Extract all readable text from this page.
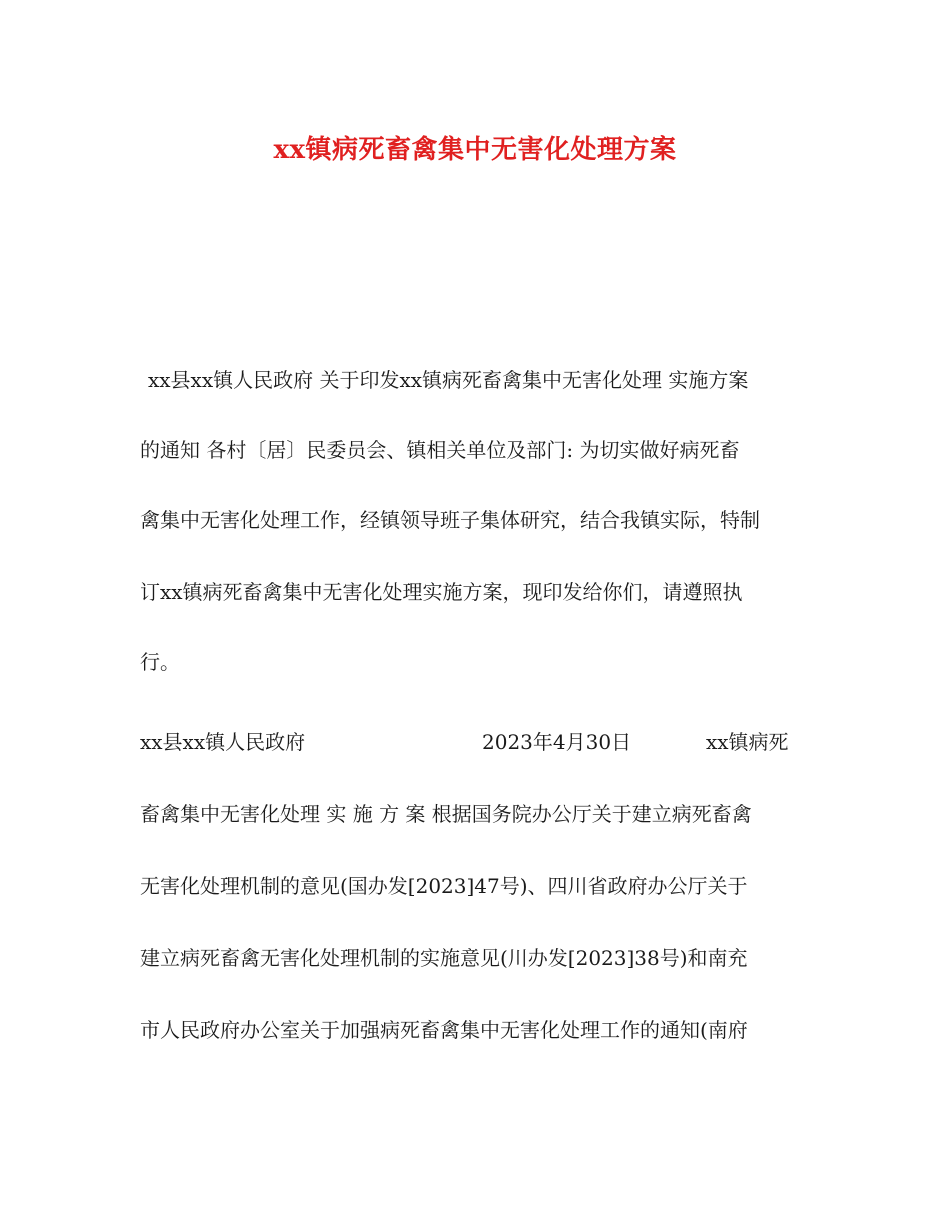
xx镇病死畜禽集中无害化处理方案

xx县xx镇人民政府 关于印发xx镇病死畜禽集中无害化处理 实施方案

的通知 各村〔居〕民委员会、镇相关单位及部门: 为切实做好病死畜

禽集中无害化处理工作，经镇领导班子集体研究，结合我镇实际，特制

订xx镇病死畜禽集中无害化处理实施方案，现印发给你们，请遵照执

行。

xx县xx镇人民政府	2023年4月30日	xx镇病死

畜禽集中无害化处理 实 施 方 案 根据国务院办公厅关于建立病死畜禽

无害化处理机制的意见(国办发[2023]47号)、四川省政府办公厅关于

建立病死畜禽无害化处理机制的实施意见(川办发[2023]38号)和南充

市人民政府办公室关于加强病死畜禽集中无害化处理工作的通知(南府
